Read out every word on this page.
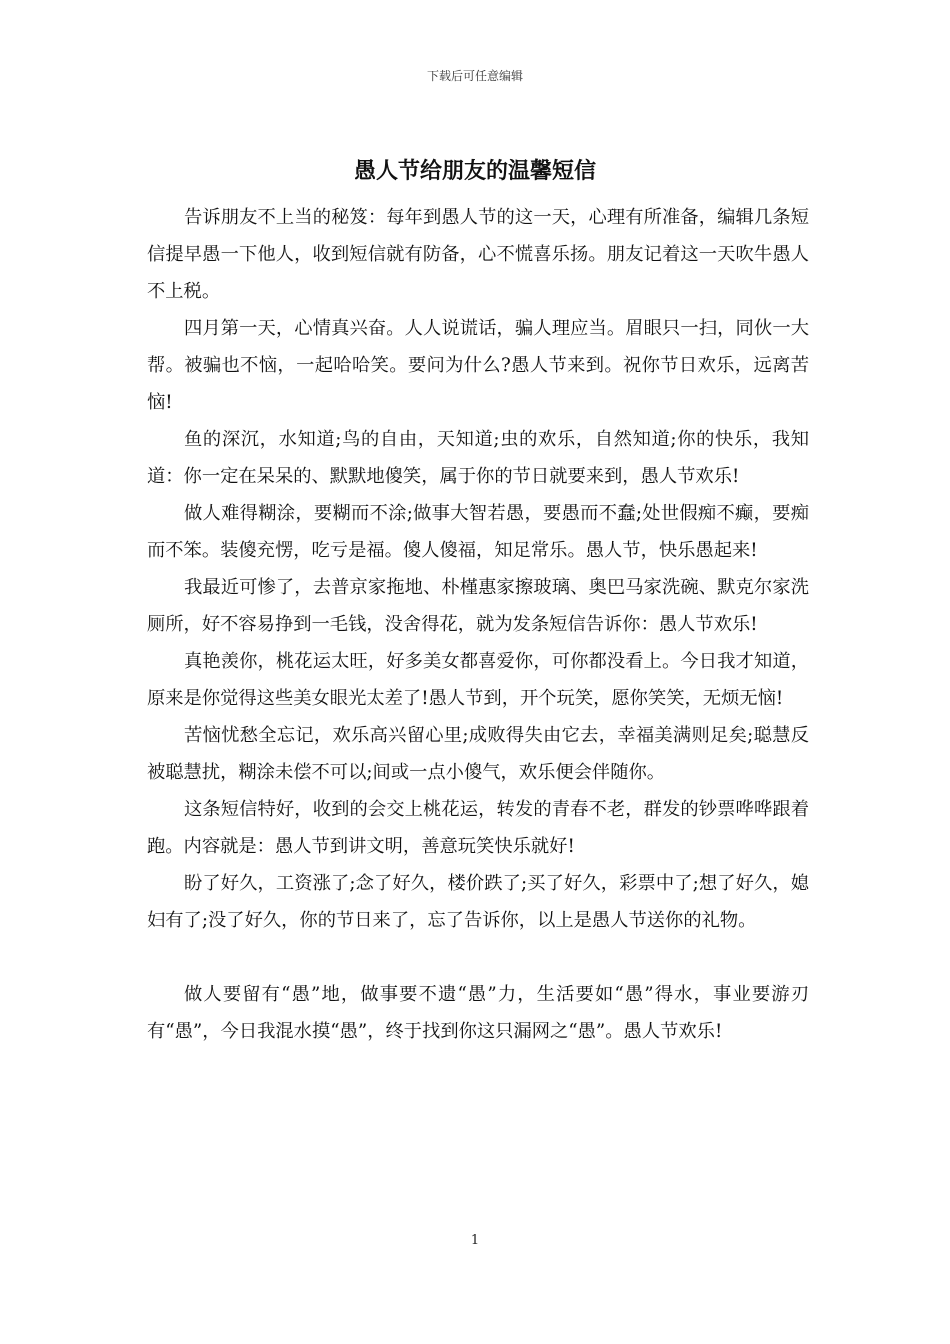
下载后可任意编辑
愚人节给朋友的温馨短信

告诉朋友不上当的秘笈：每年到愚人节的这一天，心理有所准备，编辑几条短信提早愚一下他人，收到短信就有防备，心不慌喜乐扬。朋友记着这一天吹牛愚人不上税。

四月第一天，心情真兴奋。人人说谎话，骗人理应当。眉眼只一扫，同伙一大帮。被骗也不恼，一起哈哈笑。要问为什么?愚人节来到。祝你节日欢乐，远离苦恼!

鱼的深沉，水知道;鸟的自由，天知道;虫的欢乐，自然知道;你的快乐，我知道：你一定在呆呆的、默默地傻笑，属于你的节日就要来到，愚人节欢乐!

做人难得糊涂，要糊而不涂;做事大智若愚，要愚而不蠢;处世假痴不癫，要痴而不笨。装傻充愣，吃亏是福。傻人傻福，知足常乐。愚人节，快乐愚起来!

我最近可惨了，去普京家拖地、朴槿惠家擦玻璃、奥巴马家洗碗、默克尔家洗厕所，好不容易挣到一毛钱，没舍得花，就为发条短信告诉你：愚人节欢乐!

真艳羡你，桃花运太旺，好多美女都喜爱你，可你都没看上。今日我才知道，原来是你觉得这些美女眼光太差了!愚人节到，开个玩笑，愿你笑笑，无烦无恼!

苦恼忧愁全忘记，欢乐高兴留心里;成败得失由它去，幸福美满则足矣;聪慧反被聪慧扰，糊涂未偿不可以;间或一点小傻气，欢乐便会伴随你。

这条短信特好，收到的会交上桃花运，转发的青春不老，群发的钞票哗哗跟着跑。内容就是：愚人节到讲文明，善意玩笑快乐就好!

盼了好久，工资涨了;念了好久，楼价跌了;买了好久，彩票中了;想了好久，媳妇有了;没了好久，你的节日来了，忘了告诉你，以上是愚人节送你的礼物。

做人要留有“愚”地，做事要不遗“愚”力，生活要如“愚”得水，事业要游刃有“愚”，今日我混水摸“愚”，终于找到你这只漏网之“愚”。愚人节欢乐!

1
